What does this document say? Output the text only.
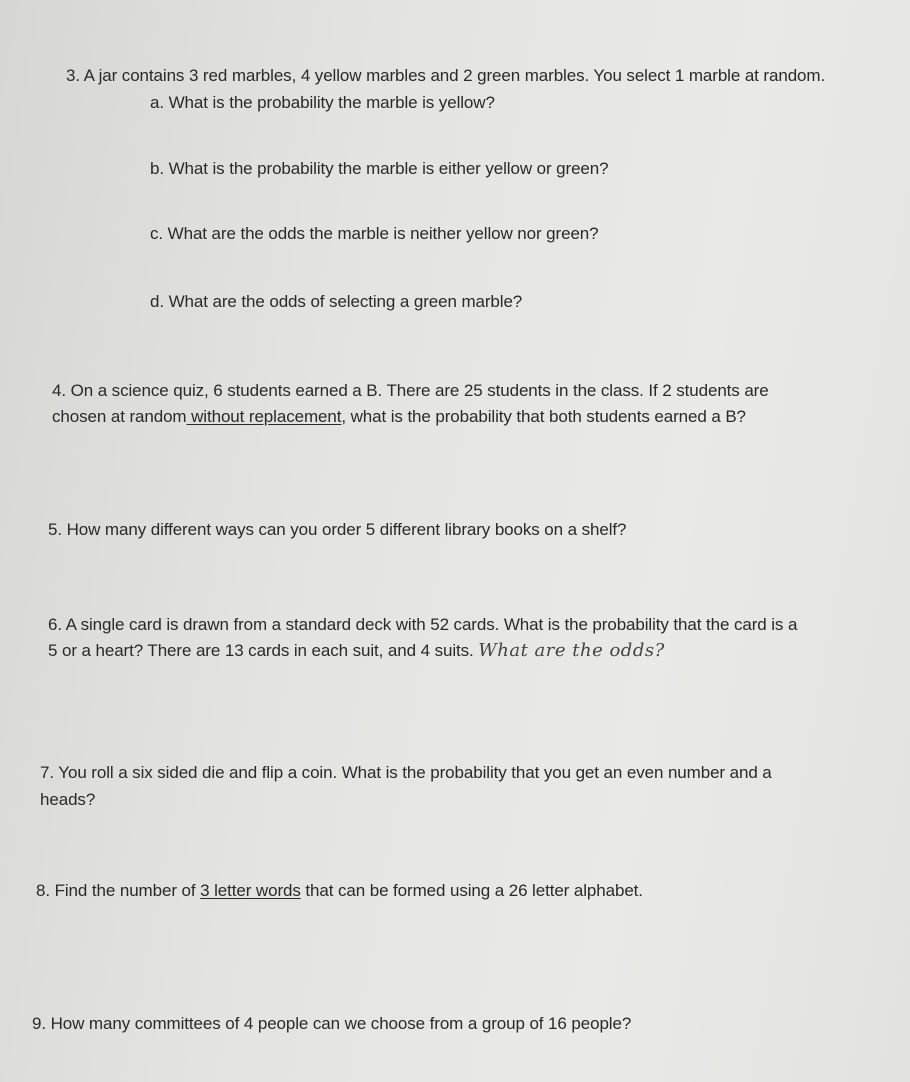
3. A jar contains 3 red marbles, 4 yellow marbles and 2 green marbles. You select 1 marble at random.
a. What is the probability the marble is yellow?
b. What is the probability the marble is either yellow or green?
c. What are the odds the marble is neither yellow nor green?
d. What are the odds of selecting a green marble?
4. On a science quiz, 6 students earned a B. There are 25 students in the class. If 2 students are
chosen at random without replacement, what is the probability that both students earned a B?
5. How many different ways can you order 5 different library books on a shelf?
6. A single card is drawn from a standard deck with 52 cards. What is the probability that the card is a
5 or a heart? There are 13 cards in each suit, and 4 suits. What are the odds?
7. You roll a six sided die and flip a coin. What is the probability that you get an even number and a
heads?
8. Find the number of 3 letter words that can be formed using a 26 letter alphabet.
9. How many committees of 4 people can we choose from a group of 16 people?
